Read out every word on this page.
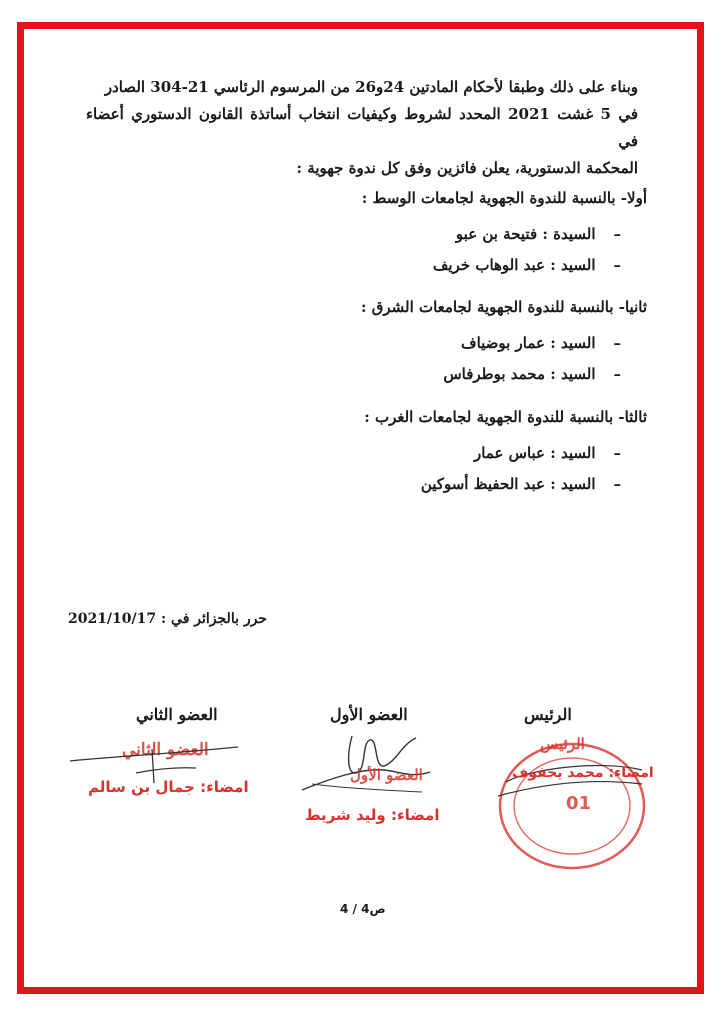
وبناء على ذلك وطبقا لأحكام المادتين 24و26 من المرسوم الرئاسي 21-304 الصادر
في 5 غشت 2021 المحدد لشروط وكيفيات انتخاب أساتذة القانون الدستوري أعضاء في
المحكمة الدستورية، يعلن فائزين وفق كل ندوة جهوية :
أولا- بالنسبة للندوة الجهوية لجامعات الوسط :
–السيدة : فتيحة بن عبو
–السيد : عبد الوهاب خريف
ثانيا- بالنسبة للندوة الجهوية لجامعات الشرق :
–السيد : عمار بوضياف
–السيد : محمد بوطرفاس
ثالثا- بالنسبة للندوة الجهوية لجامعات الغرب :
–السيد : عباس عمار
–السيد : عبد الحفيظ أسوكين
حرر بالجزائر في : 2021/10/17
الرئيس
العضو الأول
العضو الثاني
العضو الثاني
امضاء: جمال بن سالم
العضو الأول
امضاء: وليد شريط
الرئيس
امضاء: محمد يحفوف
01
ص4 / 4
